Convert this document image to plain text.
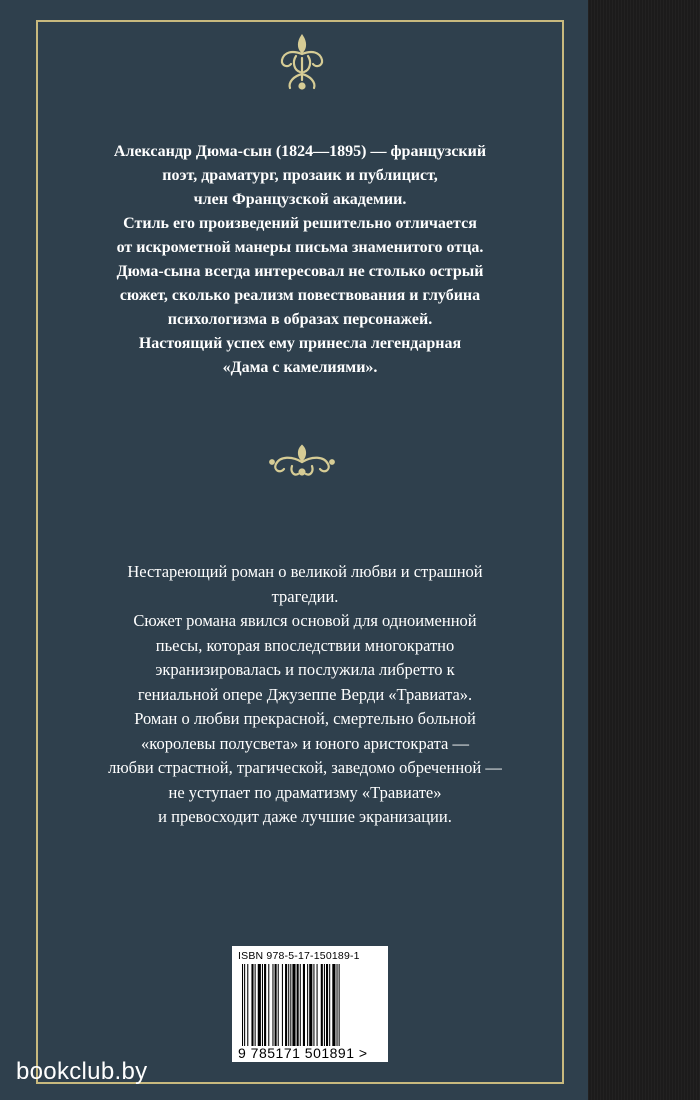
Александр Дюма-сын (1824—1895) — французский
поэт, драматург, прозаик и публицист,
член Французской академии.

Стиль его произведений решительно отличается
от искрометной манеры письма знаменитого отца.
Дюма-сына всегда интересовал не столько острый
сюжет, сколько реализм повествования и глубина
психологизма в образах персонажей.

Настоящий успех ему принесла легендарная
«Дама с камелиями».

Нестареющий роман о великой любви и страшной
трагедии.

Сюжет романа явился основой для одноименной
пьесы, которая впоследствии многократно
экранизировалась и послужила либретто к
гениальной опере Джузеппе Верди «Травиата».

Роман о любви прекрасной, смертельно больной
«королевы полусвета» и юного аристократа —
любви страстной, трагической, заведомо обреченной —
не уступает по драматизму «Травиате»
и превосходит даже лучшие экранизации.

ISBN 978-5-17-150189-1
9 785171 501891 >
bookclub.by
